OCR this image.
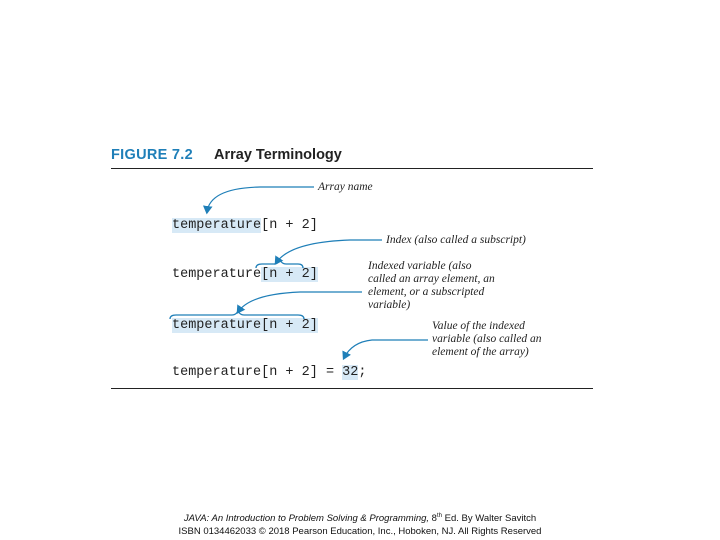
FIGURE 7.2 Array Terminology
temperature[n + 2]
temperature[n + 2]
temperature[n + 2]
temperature[n + 2] = 32;
Array name
Index (also called a subscript)
Indexed variable (also
called an array element, an
element, or a subscripted
variable)
Value of the indexed
variable (also called an
element of the array)
JAVA: An Introduction to Problem Solving & Programming, 8th Ed. By Walter Savitch
ISBN 0134462033 © 2018 Pearson Education, Inc., Hoboken, NJ. All Rights Reserved
